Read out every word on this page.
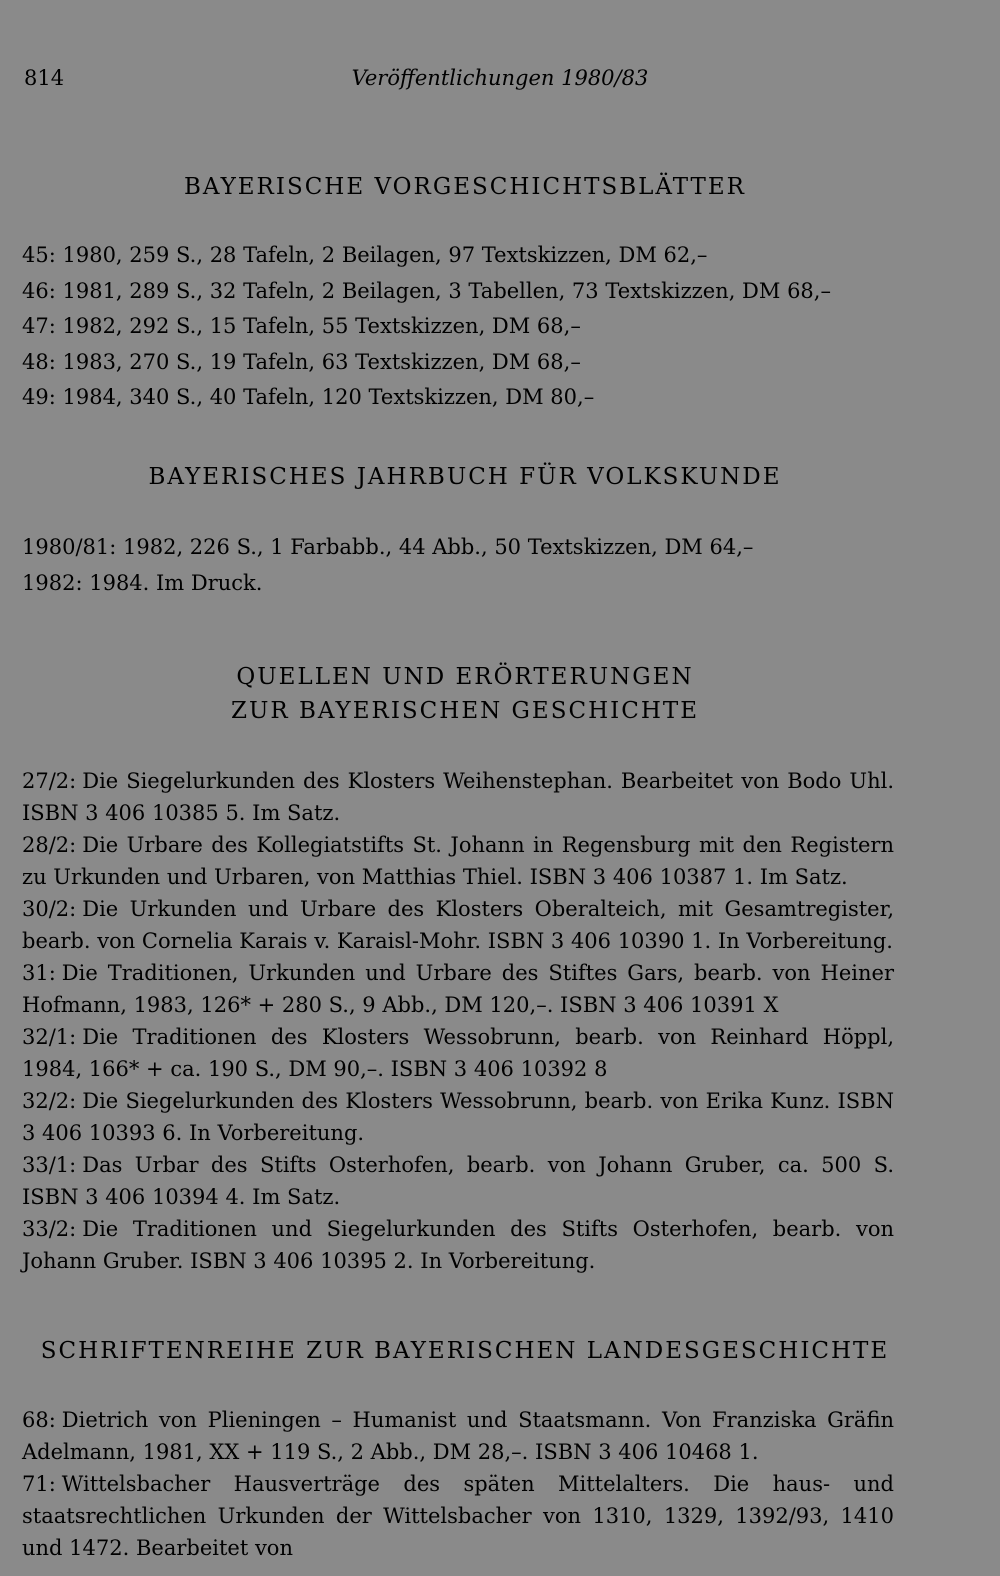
814	Veröffentlichungen 1980/83
BAYERISCHE VORGESCHICHTSBLÄTTER
45: 1980, 259 S., 28 Tafeln, 2 Beilagen, 97 Textskizzen, DM 62,–
46: 1981, 289 S., 32 Tafeln, 2 Beilagen, 3 Tabellen, 73 Textskizzen, DM 68,–
47: 1982, 292 S., 15 Tafeln, 55 Textskizzen, DM 68,–
48: 1983, 270 S., 19 Tafeln, 63 Textskizzen, DM 68,–
49: 1984, 340 S., 40 Tafeln, 120 Textskizzen, DM 80,–
BAYERISCHES JAHRBUCH FÜR VOLKSKUNDE
1980/81: 1982, 226 S., 1 Farbabb., 44 Abb., 50 Textskizzen, DM 64,–
1982: 1984. Im Druck.
QUELLEN UND ERÖRTERUNGEN
ZUR BAYERISCHEN GESCHICHTE
27/2: Die Siegelurkunden des Klosters Weihenstephan. Bearbeitet von Bodo Uhl. ISBN 3 406 10385 5. Im Satz.
28/2: Die Urbare des Kollegiatstifts St. Johann in Regensburg mit den Registern zu Urkunden und Urbaren, von Matthias Thiel. ISBN 3 406 10387 1. Im Satz.
30/2: Die Urkunden und Urbare des Klosters Oberalteich, mit Gesamtregister, bearb. von Cornelia Karais v. Karaisl-Mohr. ISBN 3 406 10390 1. In Vorbereitung.
31: Die Traditionen, Urkunden und Urbare des Stiftes Gars, bearb. von Heiner Hofmann, 1983, 126* + 280 S., 9 Abb., DM 120,–. ISBN 3 406 10391 X
32/1: Die Traditionen des Klosters Wessobrunn, bearb. von Reinhard Höppl, 1984, 166* + ca. 190 S., DM 90,–. ISBN 3 406 10392 8
32/2: Die Siegelurkunden des Klosters Wessobrunn, bearb. von Erika Kunz. ISBN 3 406 10393 6. In Vorbereitung.
33/1: Das Urbar des Stifts Osterhofen, bearb. von Johann Gruber, ca. 500 S. ISBN 3 406 10394 4. Im Satz.
33/2: Die Traditionen und Siegelurkunden des Stifts Osterhofen, bearb. von Johann Gruber. ISBN 3 406 10395 2. In Vorbereitung.
SCHRIFTENREIHE ZUR BAYERISCHEN LANDESGESCHICHTE
68: Dietrich von Plieningen – Humanist und Staatsmann. Von Franziska Gräfin Adelmann, 1981, XX + 119 S., 2 Abb., DM 28,–. ISBN 3 406 10468 1.
71: Wittelsbacher Hausverträge des späten Mittelalters. Die haus- und staatsrechtlichen Urkunden der Wittelsbacher von 1310, 1329, 1392/93, 1410 und 1472. Bearbeitet von
